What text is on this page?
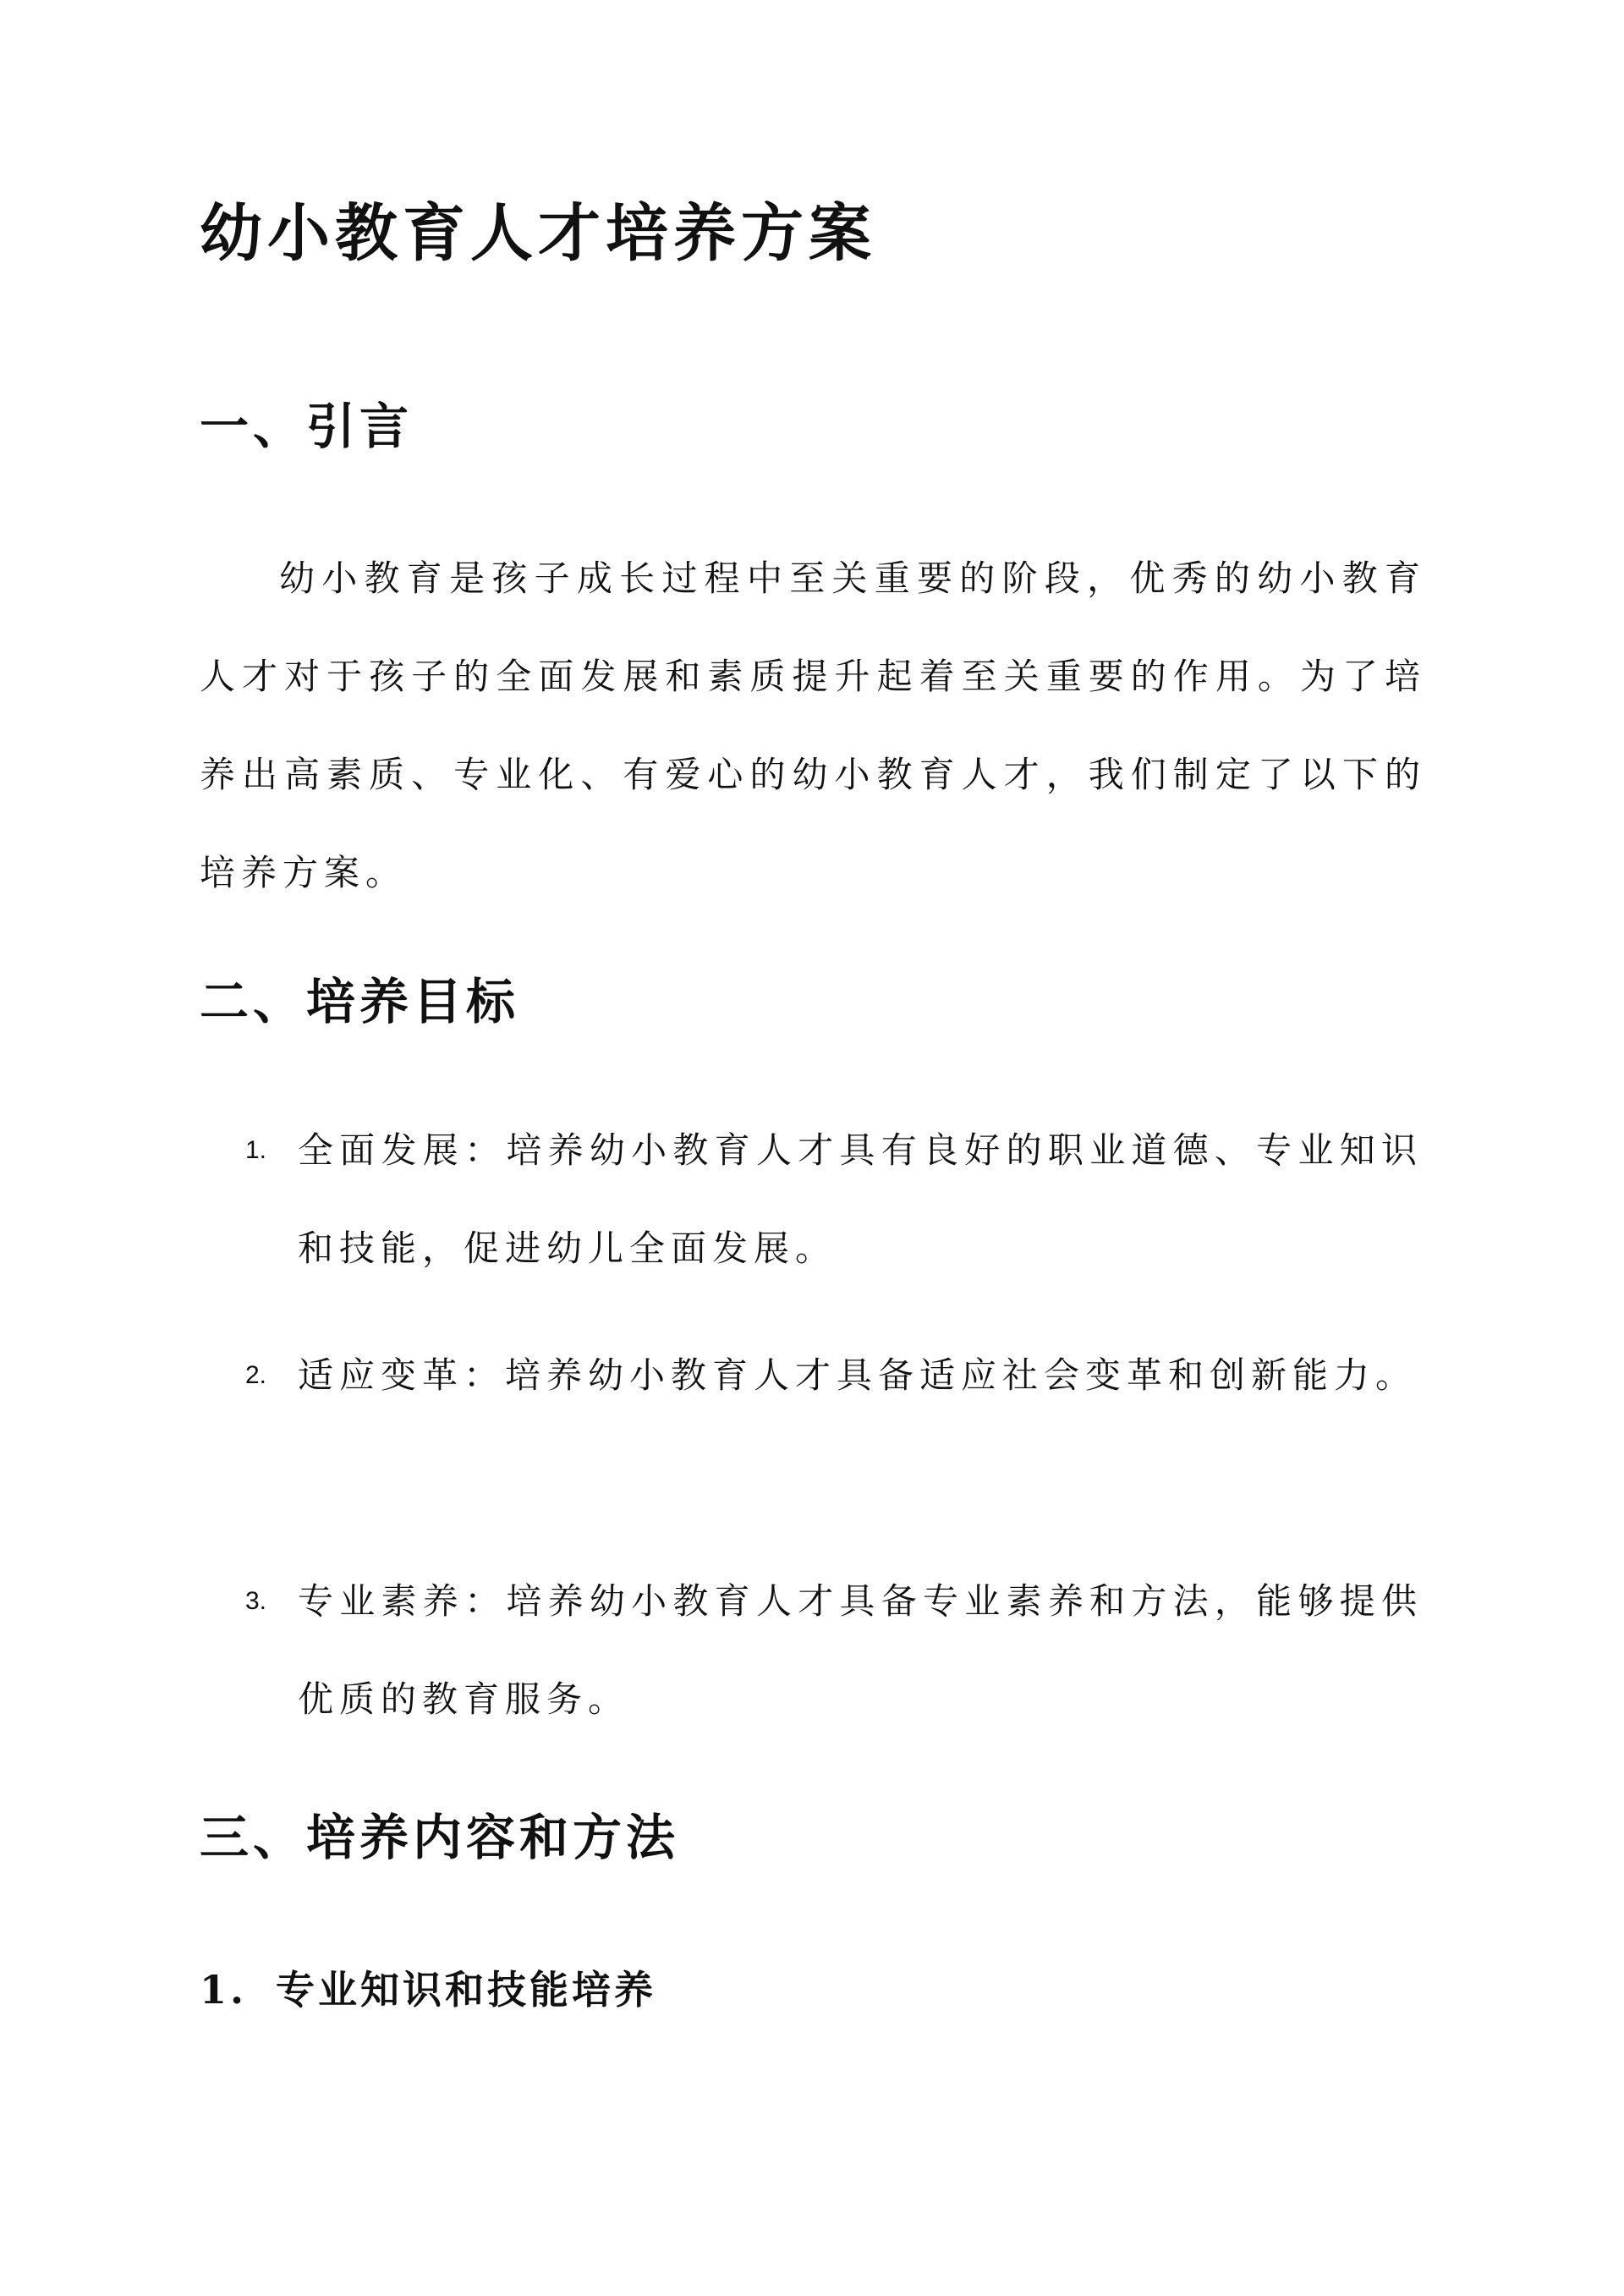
幼小教育人才培养方案
一、引言

幼小教育是孩子成长过程中至关重要的阶段，优秀的幼小教育人才对于孩子的全面发展和素质提升起着至关重要的作用。为了培养出高素质、专业化、有爱心的幼小教育人才，我们制定了以下的培养方案。

二、培养目标
1. 全面发展：培养幼小教育人才具有良好的职业道德、专业知识和技能，促进幼儿全面发展。

2. 适应变革：培养幼小教育人才具备适应社会变革和创新能力。

3. 专业素养：培养幼小教育人才具备专业素养和方法，能够提供优质的教育服务。

三、培养内容和方法
1. 专业知识和技能培养
